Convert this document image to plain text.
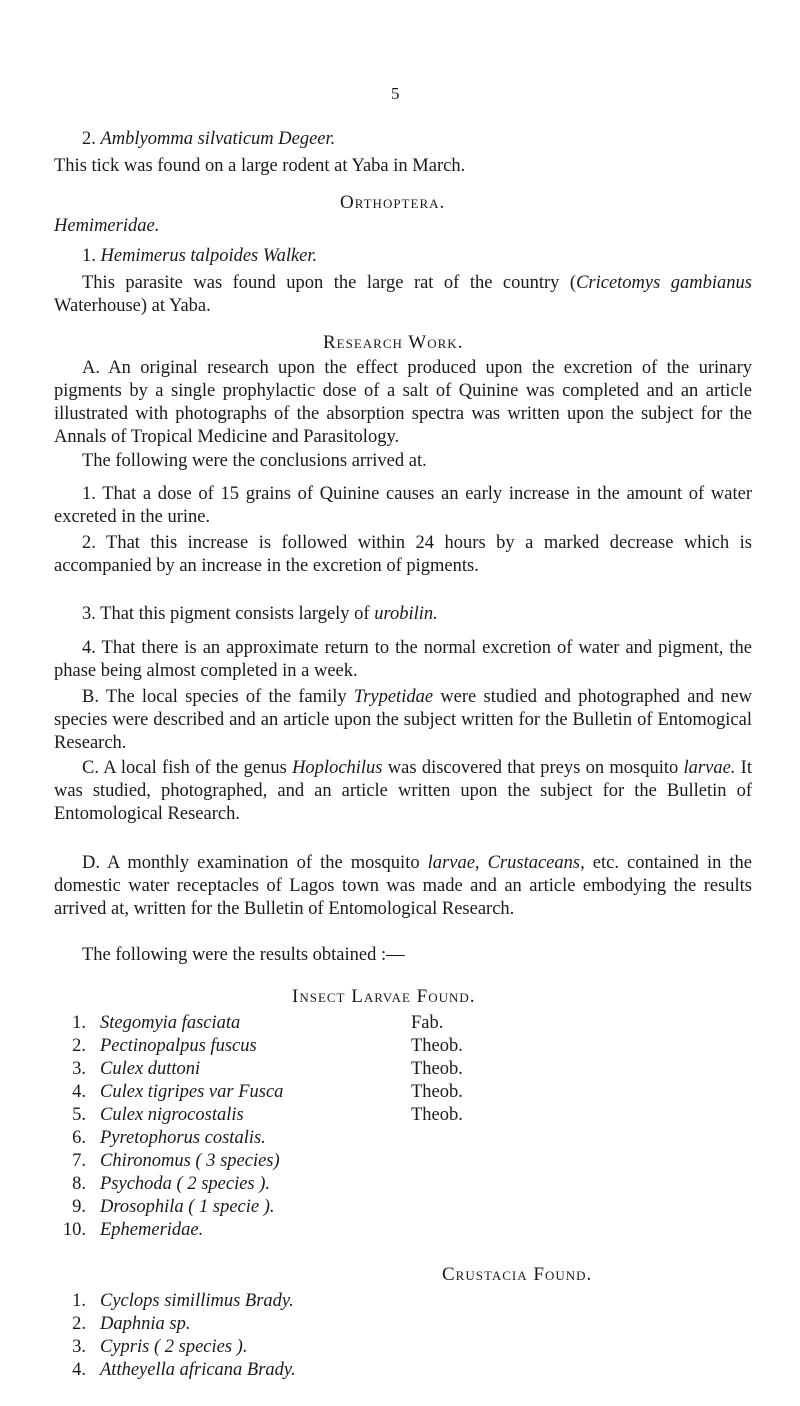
5
2. Amblyomma silvaticum Degeer.
This tick was found on a large rodent at Yaba in March.
Orthoptera.
Hemimeridae.
1. Hemimerus talpoides Walker.
This parasite was found upon the large rat of the country (Cricetomys gambianus Waterhouse) at Yaba.
Research Work.
A. An original research upon the effect produced upon the excretion of the urinary pigments by a single prophylactic dose of a salt of Quinine was completed and an article illustrated with photographs of the absorption spectra was written upon the subject for the Annals of Tropical Medicine and Parasitology.
The following were the conclusions arrived at.
1. That a dose of 15 grains of Quinine causes an early increase in the amount of water excreted in the urine.
2. That this increase is followed within 24 hours by a marked decrease which is accompanied by an increase in the excretion of pigments.
3. That this pigment consists largely of urobilin.
4. That there is an approximate return to the normal excretion of water and pigment, the phase being almost completed in a week.
B. The local species of the family Trypetidae were studied and photographed and new species were described and an article upon the subject written for the Bulletin of Entomogical Research.
C. A local fish of the genus Hoplochilus was discovered that preys on mosquito larvae. It was studied, photographed, and an article written upon the subject for the Bulletin of Entomological Research.
D. A monthly examination of the mosquito larvae, Crustaceans, etc. contained in the domestic water receptacles of Lagos town was made and an article embodying the results arrived at, written for the Bulletin of Entomological Research.
The following were the results obtained :—
Insect Larvae Found.
1. Stegomyia fasciata	Fab.
2. Pectinopalpus fuscus	Theob.
3. Culex duttoni	Theob.
4. Culex tigripes var Fusca	Theob.
5. Culex nigrocostalis	Theob.
6. Pyretophorus costalis.
7. Chironomus ( 3 species)
8. Psychoda ( 2 species ).
9. Drosophila ( 1 specie ).
10. Ephemeridae.
Crustacia Found.
1. Cyclops simillimus Brady.
2. Daphnia sp.
3. Cypris ( 2 species ).
4. Attheyella africana Brady.
